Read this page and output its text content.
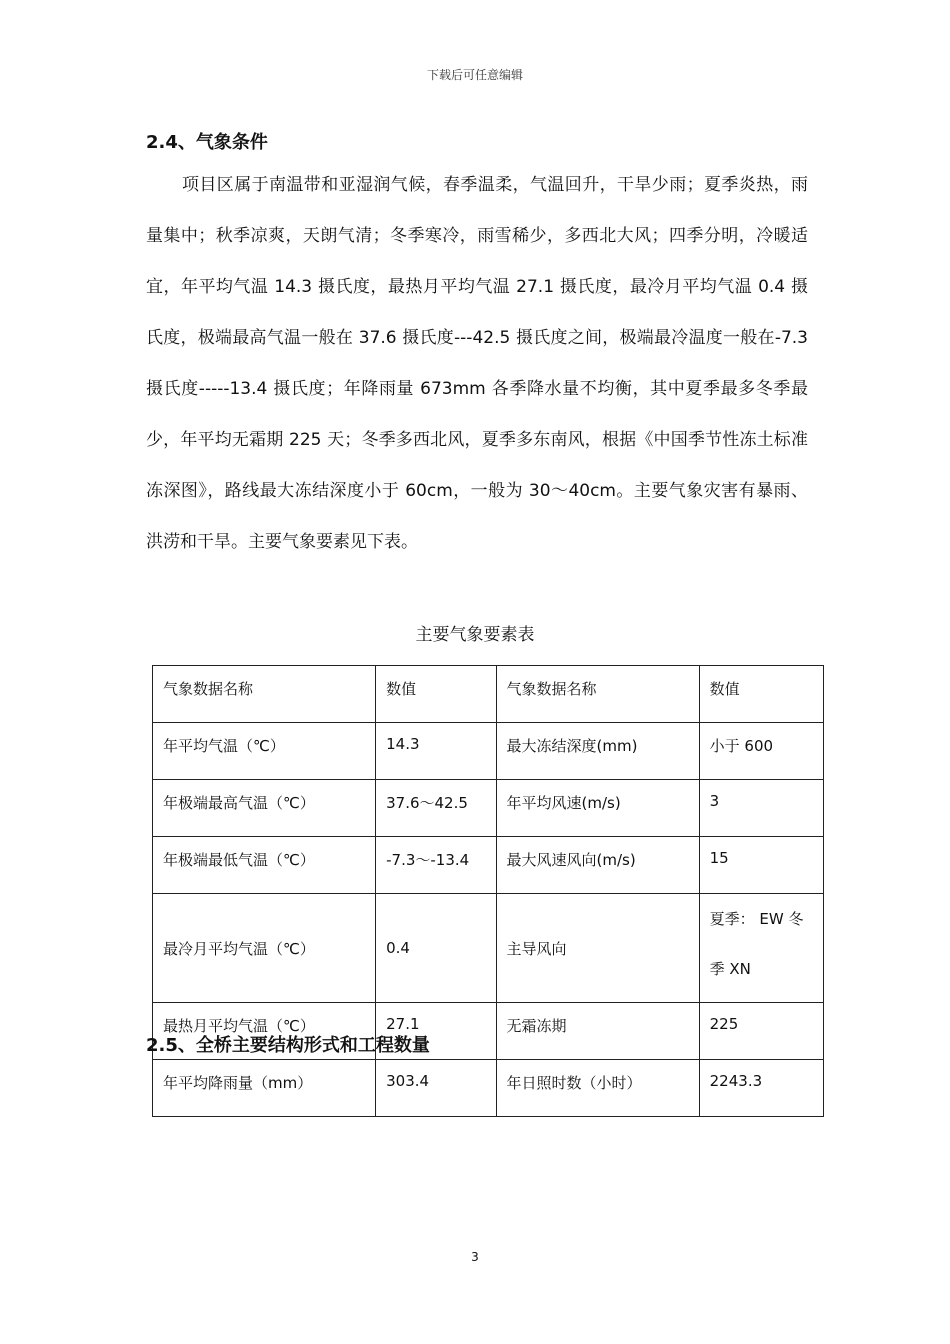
下载后可任意编辑
2.4、气象条件

项目区属于南温带和亚湿润气候，春季温柔，气温回升，干旱少雨；夏季炎热，雨量集中；秋季凉爽，天朗气清；冬季寒冷，雨雪稀少，多西北大风；四季分明，冷暖适宜，年平均气温 14.3 摄氏度，最热月平均气温 27.1 摄氏度，最冷月平均气温 0.4 摄氏度，极端最高气温一般在 37.6 摄氏度---42.5 摄氏度之间，极端最冷温度一般在-7.3 摄氏度-----13.4 摄氏度；年降雨量 673mm 各季降水量不均衡，其中夏季最多冬季最少，年平均无霜期 225 天；冬季多西北风，夏季多东南风，根据《中国季节性冻土标准冻深图》，路线最大冻结深度小于 60cm，一般为 30～40cm。主要气象灾害有暴雨、洪涝和干旱。主要气象要素见下表。

主要气象要素表
气象数据名称	数值	气象数据名称	数值
年平均气温（℃）	14.3	最大冻结深度(mm)	小于 600
年极端最高气温（℃）	37.6～42.5	年平均风速(m/s)	3
年极端最低气温（℃）	-7.3～-13.4	最大风速风向(m/s)	15
最冷月平均气温（℃）	0.4	主导风向	夏季： EW 冬季 XN

最热月平均气温（℃）	27.1	无霜冻期	225
年平均降雨量（mm）	303.4	年日照时数（小时）	2243.3
2.5、全桥主要结构形式和工程数量
3
